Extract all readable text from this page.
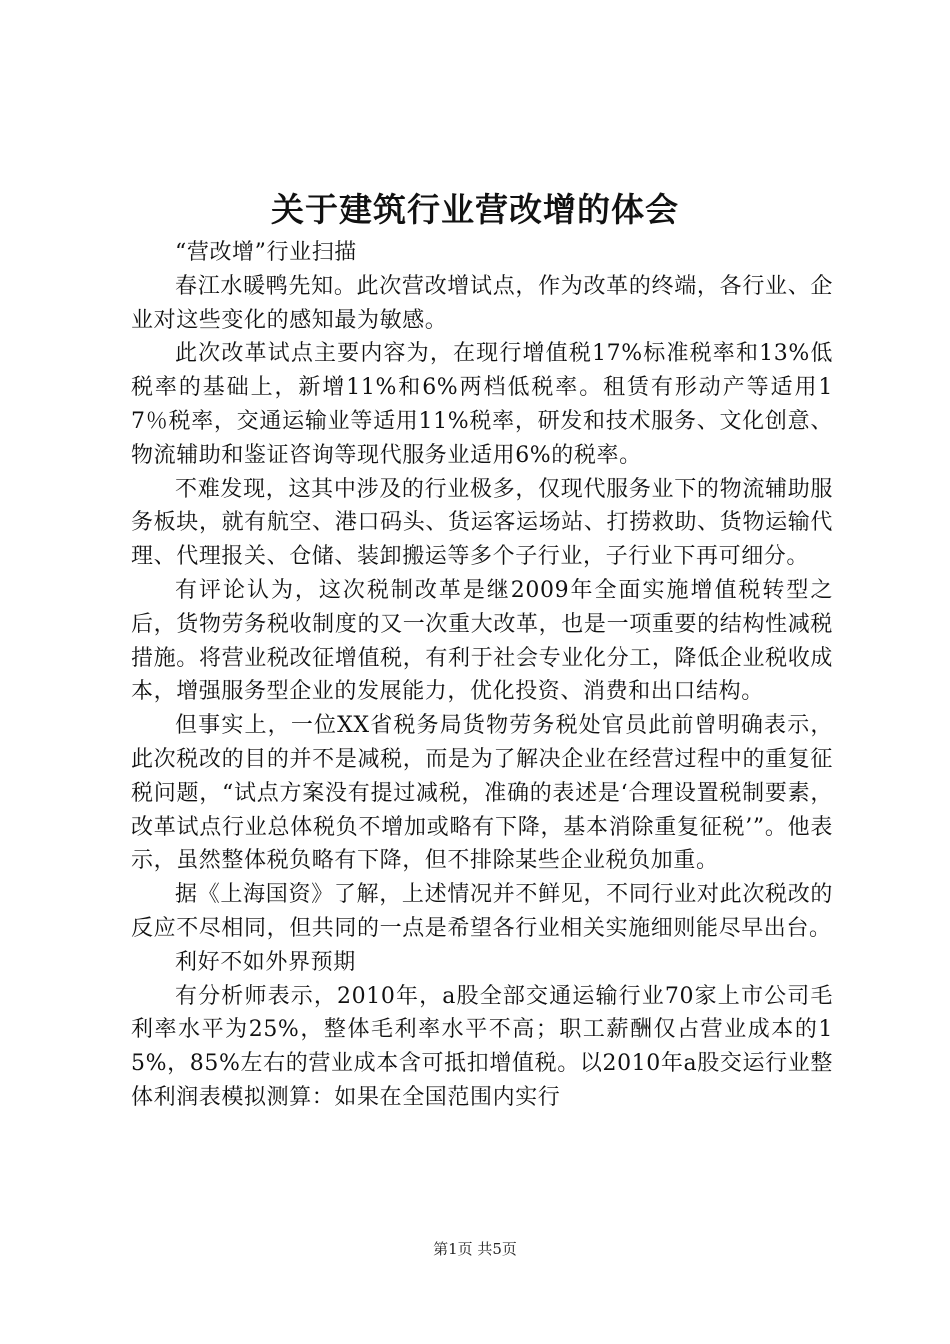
关于建筑行业营改增的体会

“营改增”行业扫描

春江水暖鸭先知。此次营改增试点，作为改革的终端，各行业、企业对这些变化的感知最为敏感。

此次改革试点主要内容为，在现行增值税17%标准税率和13%低税率的基础上，新增11%和6%两档低税率。租赁有形动产等适用17％税率，交通运输业等适用11%税率，研发和技术服务、文化创意、物流辅助和鉴证咨询等现代服务业适用6%的税率。

不难发现，这其中涉及的行业极多，仅现代服务业下的物流辅助服务板块，就有航空、港口码头、货运客运场站、打捞救助、货物运输代理、代理报关、仓储、装卸搬运等多个子行业，子行业下再可细分。

有评论认为，这次税制改革是继2009年全面实施增值税转型之后，货物劳务税收制度的又一次重大改革，也是一项重要的结构性减税措施。将营业税改征增值税，有利于社会专业化分工，降低企业税收成本，增强服务型企业的发展能力，优化投资、消费和出口结构。

但事实上，一位XX省税务局货物劳务税处官员此前曾明确表示，此次税改的目的并不是减税，而是为了解决企业在经营过程中的重复征税问题，“试点方案没有提过减税，准确的表述是‘合理设置税制要素，改革试点行业总体税负不增加或略有下降，基本消除重复征税’”。他表示，虽然整体税负略有下降，但不排除某些企业税负加重。

据《上海国资》了解，上述情况并不鲜见，不同行业对此次税改的反应不尽相同，但共同的一点是希望各行业相关实施细则能尽早出台。

利好不如外界预期

有分析师表示，2010年，a股全部交通运输行业70家上市公司毛利率水平为25%，整体毛利率水平不高；职工薪酬仅占营业成本的15%，85%左右的营业成本含可抵扣增值税。以2010年a股交运行业整体利润表模拟测算：如果在全国范围内实行

第1页 共5页
